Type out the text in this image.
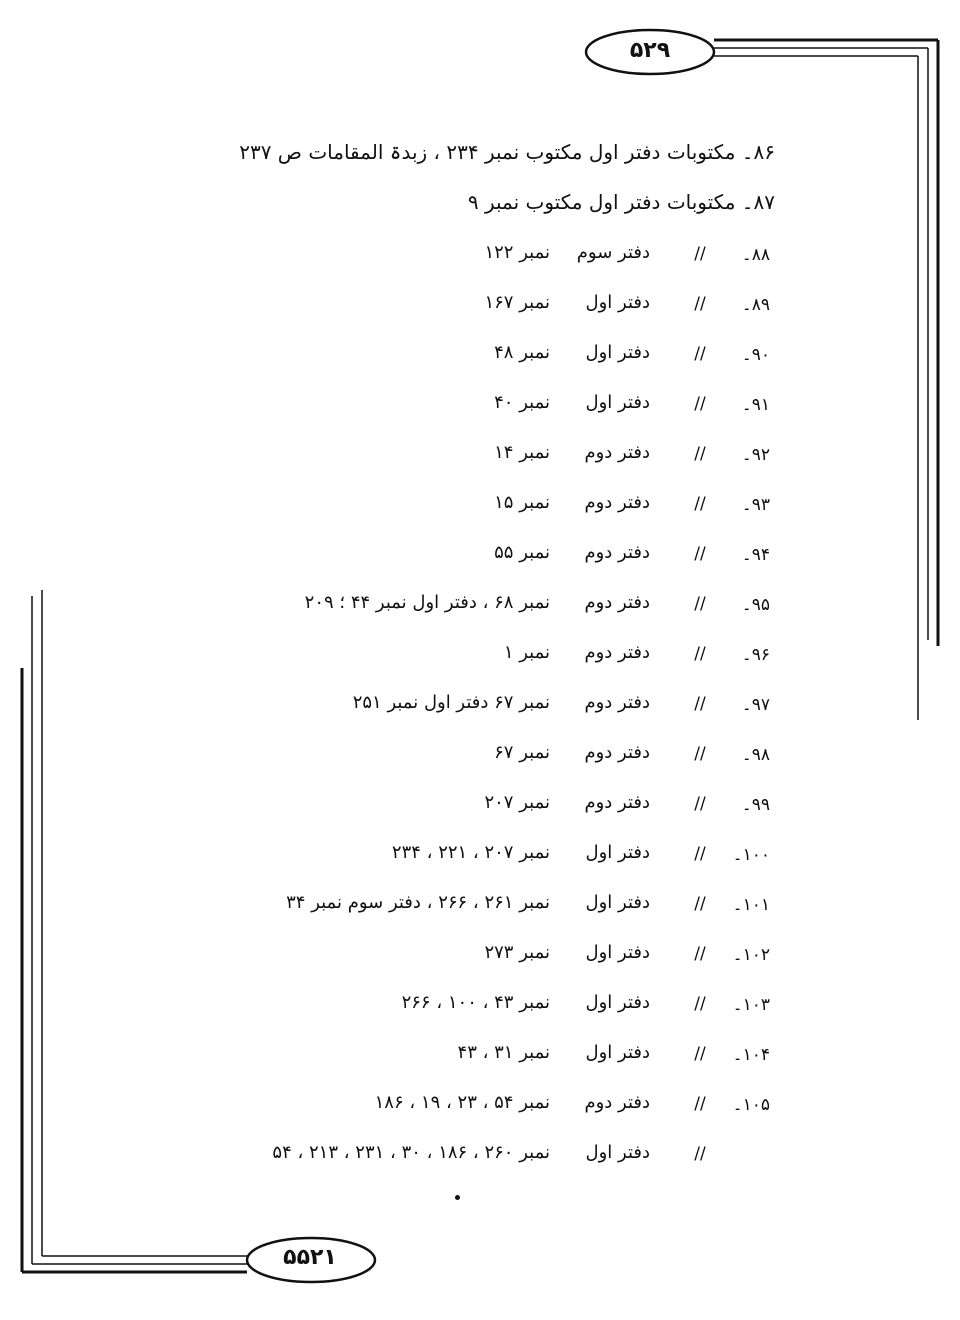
۵۲۹
۵۵۲۱
۸۶۔ مکتوبات دفتر اول مکتوب نمبر ۲۳۴ ، زبدۃ المقامات ص ۲۳۷
۸۷۔ مکتوبات دفتر اول مکتوب نمبر ۹
۸۸۔
//
دفتر سوم
نمبر ۱۲۲
۸۹۔
//
دفتر اول
نمبر ۱۶۷
۹۰۔
//
دفتر اول
نمبر ۴۸
۹۱۔
//
دفتر اول
نمبر ۴۰
۹۲۔
//
دفتر دوم
نمبر ۱۴
۹۳۔
//
دفتر دوم
نمبر ۱۵
۹۴۔
//
دفتر دوم
نمبر ۵۵
۹۵۔
//
دفتر دوم
نمبر ۶۸ ، دفتر اول نمبر ۴۴ ؛ ۲۰۹
۹۶۔
//
دفتر دوم
نمبر ۱
۹۷۔
//
دفتر دوم
نمبر ۶۷ دفتر اول نمبر ۲۵۱
۹۸۔
//
دفتر دوم
نمبر ۶۷
۹۹۔
//
دفتر دوم
نمبر ۲۰۷
۱۰۰۔
//
دفتر اول
نمبر ۲۰۷ ، ۲۲۱ ، ۲۳۴
۱۰۱۔
//
دفتر اول
نمبر ۲۶۱ ، ۲۶۶ ، دفتر سوم نمبر ۳۴
۱۰۲۔
//
دفتر اول
نمبر ۲۷۳
۱۰۳۔
//
دفتر اول
نمبر ۴۳ ، ۱۰۰ ، ۲۶۶
۱۰۴۔
//
دفتر اول
نمبر ۳۱ ، ۴۳
۱۰۵۔
//
دفتر دوم
نمبر ۵۴ ، ۲۳ ، ۱۹ ، ۱۸۶
//
دفتر اول
نمبر ۲۶۰ ، ۱۸۶ ، ۳۰ ، ۲۳۱ ، ۲۱۳ ، ۵۴
